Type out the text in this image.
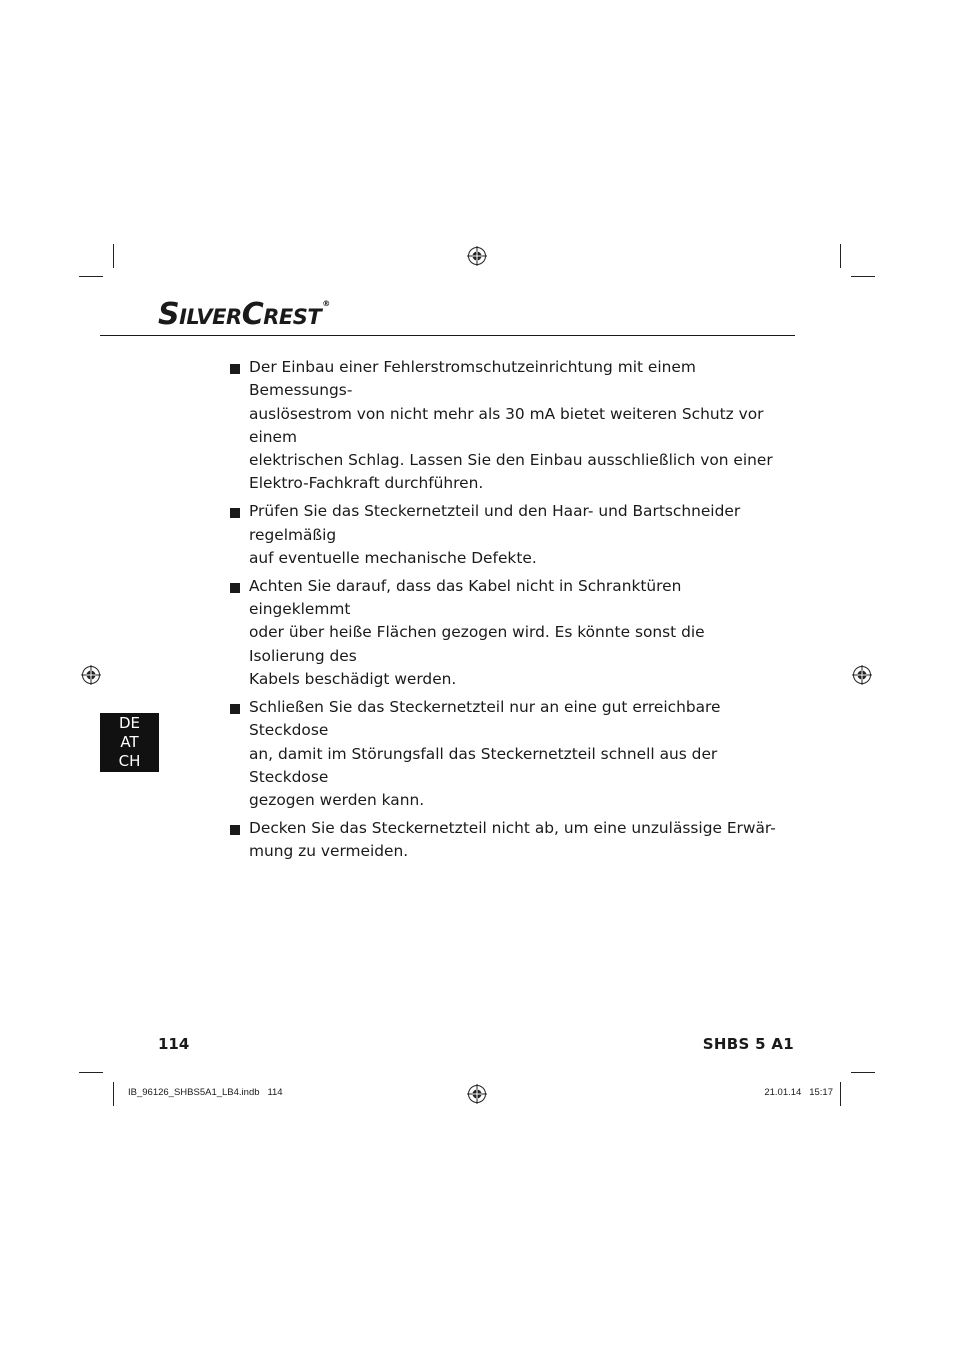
SILVERCREST®
Der Einbau einer Fehlerstromschutzeinrichtung mit einem Bemessungs-
auslösestrom von nicht mehr als 30 mA bietet weiteren Schutz vor einem
elektrischen Schlag. Lassen Sie den Einbau ausschließlich von einer
Elektro-Fachkraft durchführen.
Prüfen Sie das Steckernetzteil und den Haar- und Bartschneider regelmäßig
auf eventuelle mechanische Defekte.
Achten Sie darauf, dass das Kabel nicht in Schranktüren eingeklemmt
oder über heiße Flächen gezogen wird. Es könnte sonst die Isolierung des
Kabels beschädigt werden.
Schließen Sie das Steckernetzteil nur an eine gut erreichbare Steckdose
an, damit im Störungsfall das Steckernetzteil schnell aus der Steckdose
gezogen werden kann.
Decken Sie das Steckernetzteil nicht ab, um eine unzulässige Erwär-
mung zu vermeiden.
DE
AT
CH
114	SHBS 5 A1
IB_96126_SHBS5A1_LB4.indb   114	21.01.14   15:17
